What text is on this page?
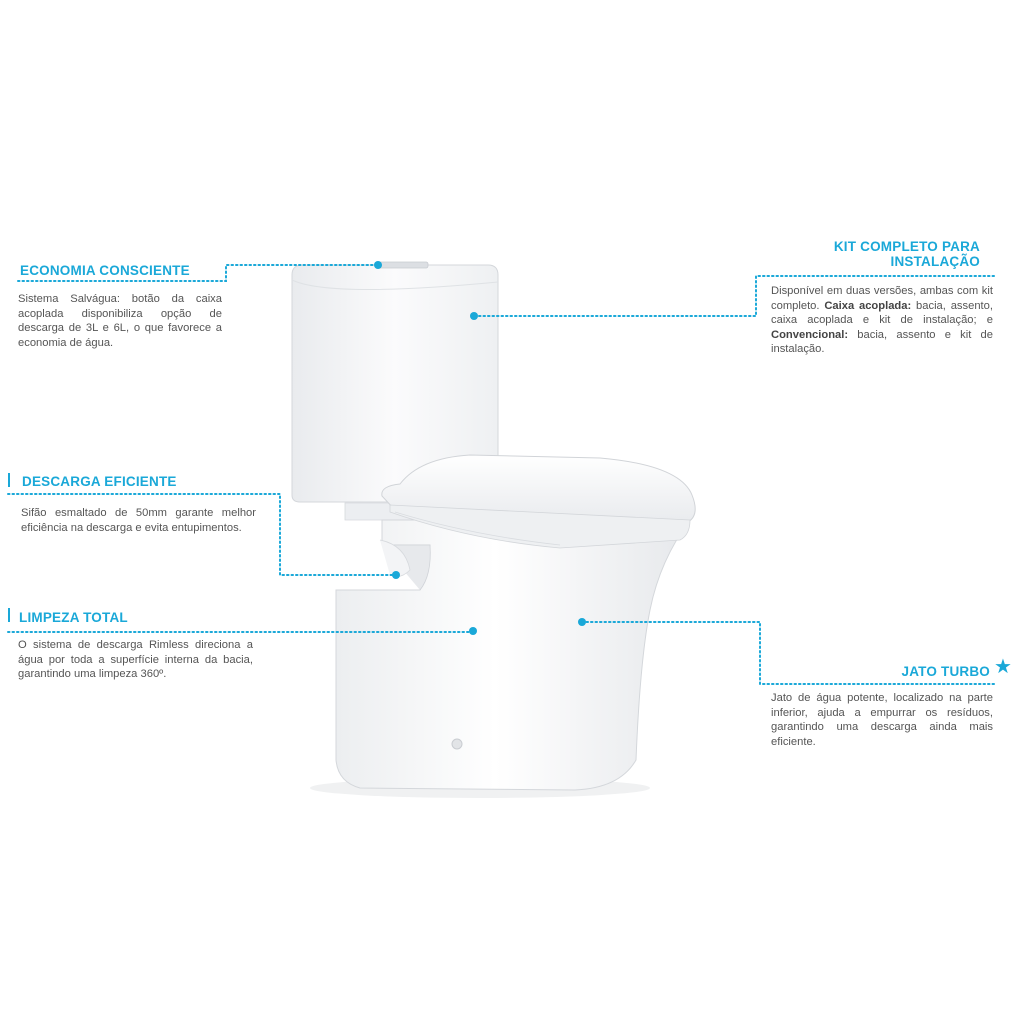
ECONOMIA CONSCIENTE
Sistema Salvágua: botão da caixa acoplada disponibiliza opção de descarga de 3L e 6L, o que favorece a economia de água.
KIT COMPLETO PARA
INSTALAÇÃO
Disponível em duas versões, ambas com kit completo. Caixa acoplada: bacia, assento, caixa acoplada e kit de instalação; e Convencional: bacia, assento e kit de instalação.
DESCARGA EFICIENTE
Sifão esmaltado de 50mm garante melhor eficiência na descarga e evita entupimentos.
LIMPEZA TOTAL
O sistema de descarga Rimless direciona a água por toda a superfície interna da bacia, garantindo uma limpeza 360º.	JATO TURBO ★
Jato de água potente, localizado na parte inferior, ajuda a empurrar os resíduos, garantindo uma descarga ainda mais eficiente.
